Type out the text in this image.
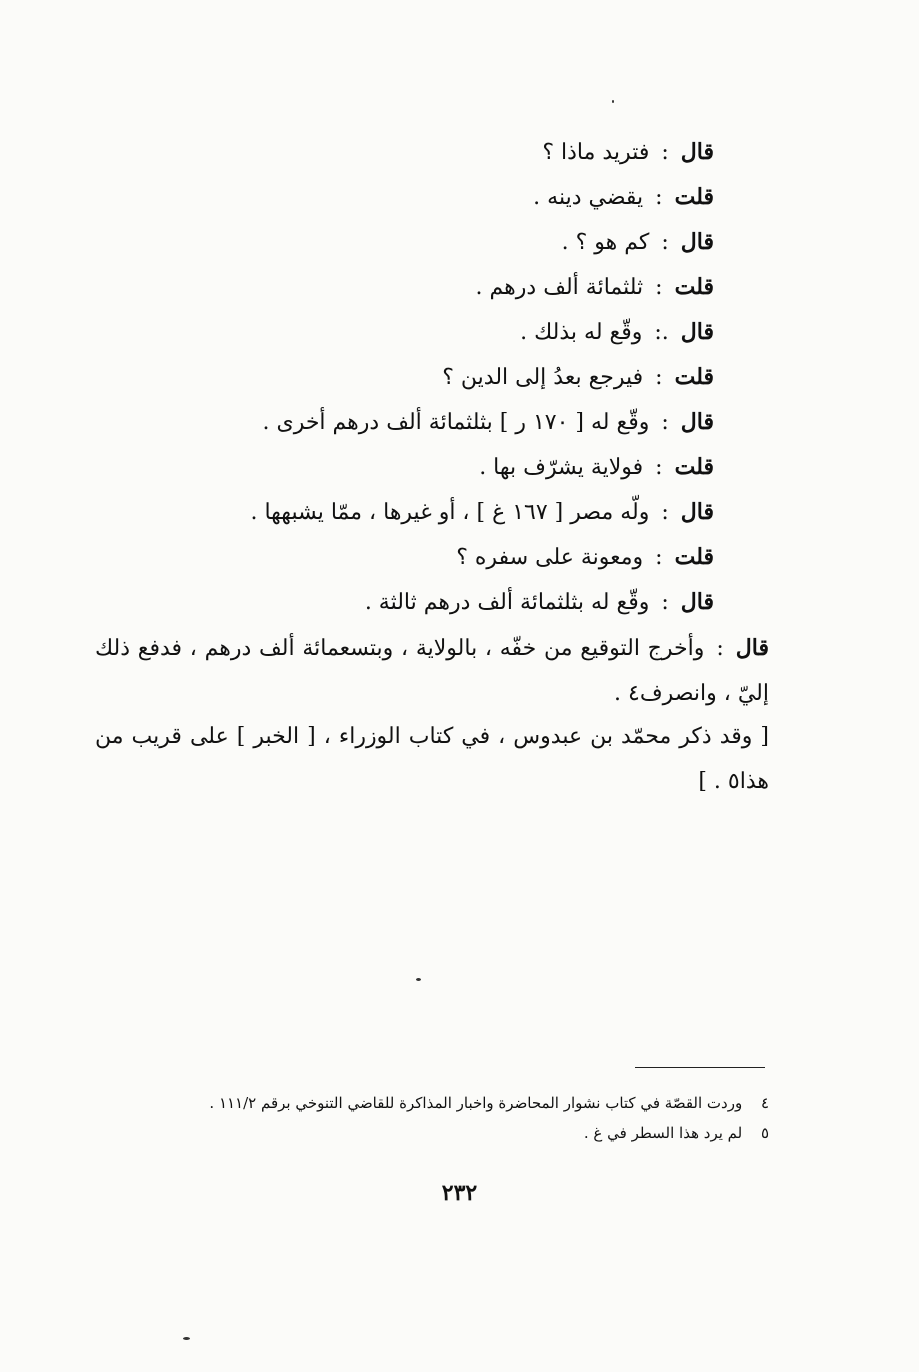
قال:فتريد ماذا ؟
قلت:يقضي دينه .
قال:كم هو ؟ .
قلت:ثلثمائة ألف درهم .
قال.:وقّع له بذلك .
قلت:فيرجع بعدُ إلى الدين ؟
قال:وقّع له [ ١٧٠ ر ] بثلثمائة ألف درهم أخرى .
قلت:فولاية يشرّف بها .
قال:ولّه مصر [ ١٦٧ غ ] ، أو غيرها ، ممّا يشبهها .
قلت:ومعونة على سفره ؟
قال:وقّع له بثلثمائة ألف درهم ثالثة .
قال:وأخرج التوقيع من خفّه ، بالولاية ، وبتسعمائة ألف درهم ، فدفع ذلك إليّ ، وانصرف٤ .
[ وقد ذكر محمّد بن عبدوس ، في كتاب الوزراء ، [ الخبر ] على قريب من هذا٥ . ]
٤ وردت القصّة في كتاب نشوار المحاضرة واخبار المذاكرة للقاضي التنوخي برقم ١١١/٢ .
٥ لم يرد هذا السطر في غ .
٢٣٢
